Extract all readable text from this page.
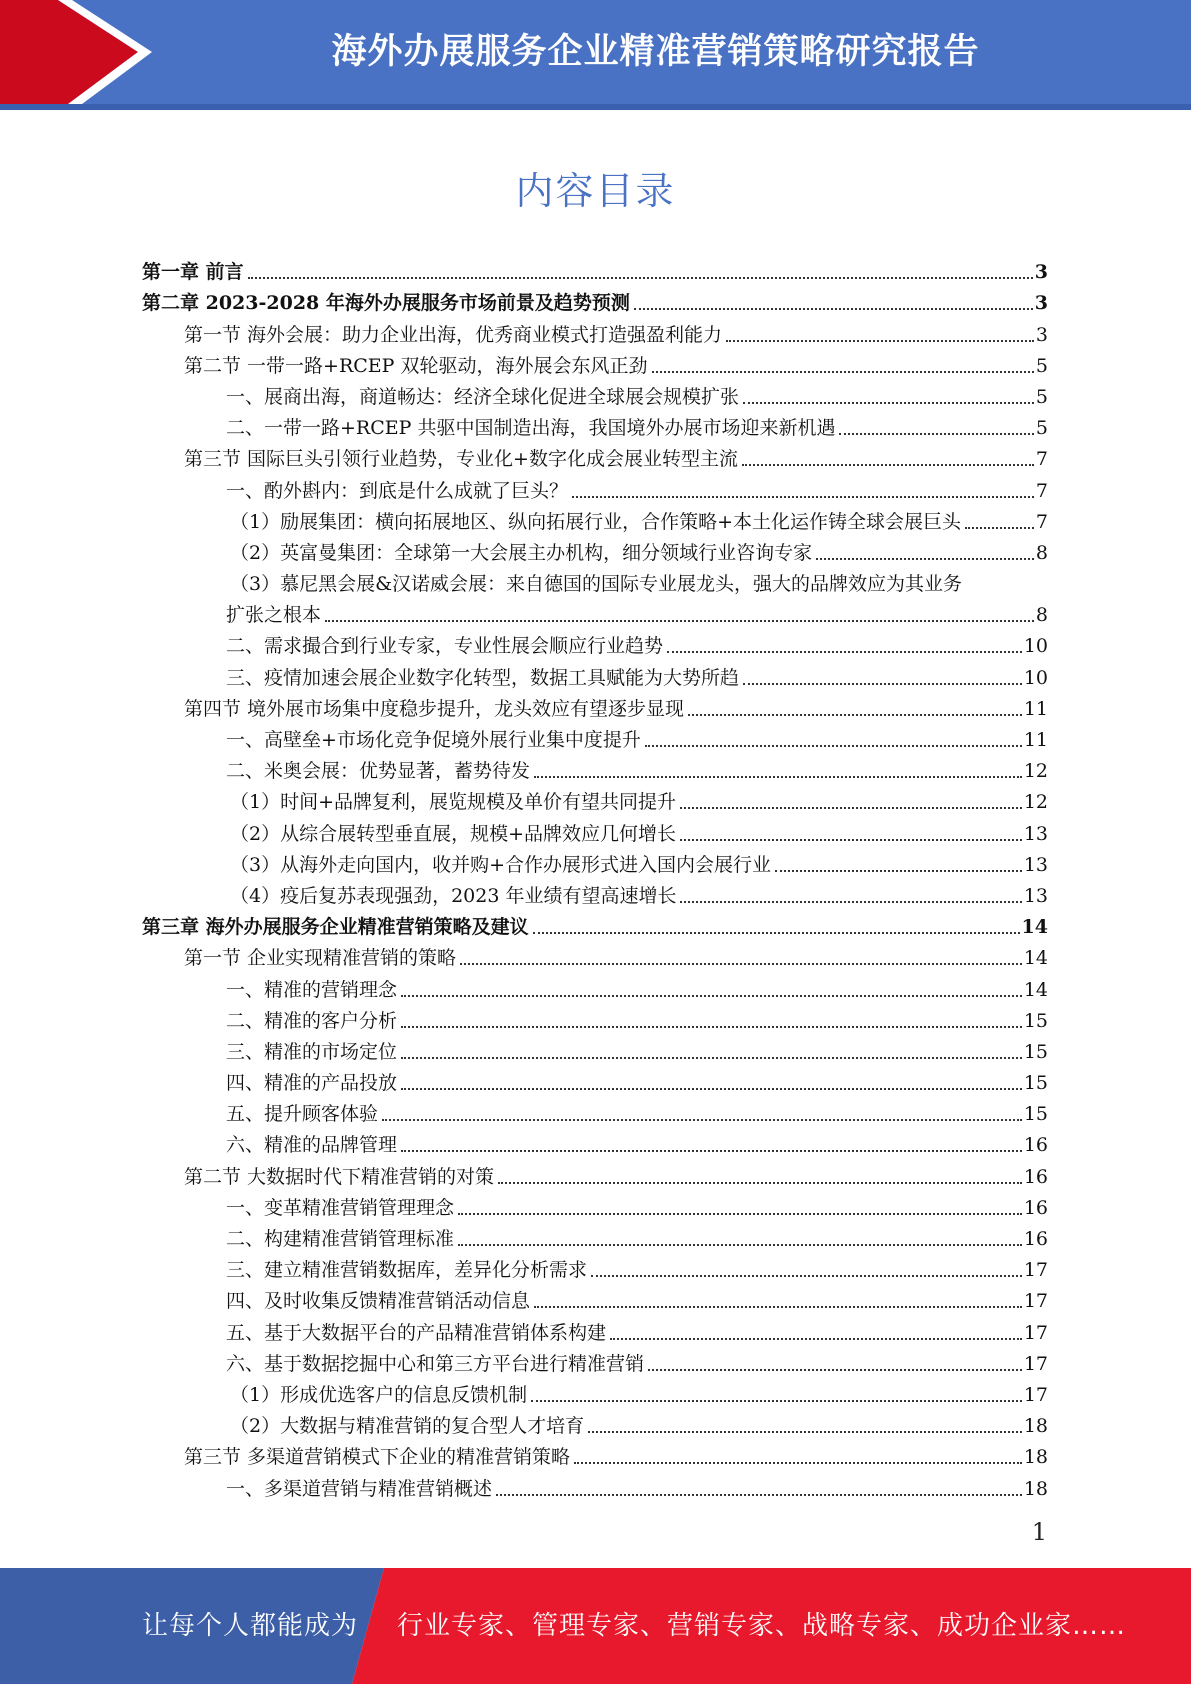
海外办展服务企业精准营销策略研究报告
内容目录
第一章 前言	3
第二章 2023-2028 年海外办展服务市场前景及趋势预测	3
第一节 海外会展：助力企业出海，优秀商业模式打造强盈利能力	3
第二节 一带一路+RCEP 双轮驱动，海外展会东风正劲	5
一、展商出海，商道畅达：经济全球化促进全球展会规模扩张	5
二、一带一路+RCEP 共驱中国制造出海，我国境外办展市场迎来新机遇	5
第三节 国际巨头引领行业趋势，专业化+数字化成会展业转型主流	7
一、酌外斟内：到底是什么成就了巨头？	7
（1）励展集团：横向拓展地区、纵向拓展行业，合作策略+本土化运作铸全球会展巨头	7
（2）英富曼集团：全球第一大会展主办机构，细分领域行业咨询专家	8
（3）慕尼黑会展&汉诺威会展：来自德国的国际专业展龙头，强大的品牌效应为其业务
扩张之根本	8
二、需求撮合到行业专家，专业性展会顺应行业趋势	10
三、疫情加速会展企业数字化转型，数据工具赋能为大势所趋	10
第四节 境外展市场集中度稳步提升，龙头效应有望逐步显现	11
一、高壁垒+市场化竞争促境外展行业集中度提升	11
二、米奥会展：优势显著，蓄势待发	12
（1）时间+品牌复利，展览规模及单价有望共同提升	12
（2）从综合展转型垂直展，规模+品牌效应几何增长	13
（3）从海外走向国内，收并购+合作办展形式进入国内会展行业	13
（4）疫后复苏表现强劲，2023 年业绩有望高速增长	13
第三章 海外办展服务企业精准营销策略及建议	14
第一节 企业实现精准营销的策略	14
一、精准的营销理念	14
二、精准的客户分析	15
三、精准的市场定位	15
四、精准的产品投放	15
五、提升顾客体验	15
六、精准的品牌管理	16
第二节 大数据时代下精准营销的对策	16
一、变革精准营销管理理念	16
二、构建精准营销管理标准	16
三、建立精准营销数据库，差异化分析需求	17
四、及时收集反馈精准营销活动信息	17
五、基于大数据平台的产品精准营销体系构建	17
六、基于数据挖掘中心和第三方平台进行精准营销	17
（1）形成优选客户的信息反馈机制	17
（2）大数据与精准营销的复合型人才培育	18
第三节 多渠道营销模式下企业的精准营销策略	18
一、多渠道营销与精准营销概述	18
1
让每个人都能成为 行业专家、管理专家、营销专家、战略专家、成功企业家……
